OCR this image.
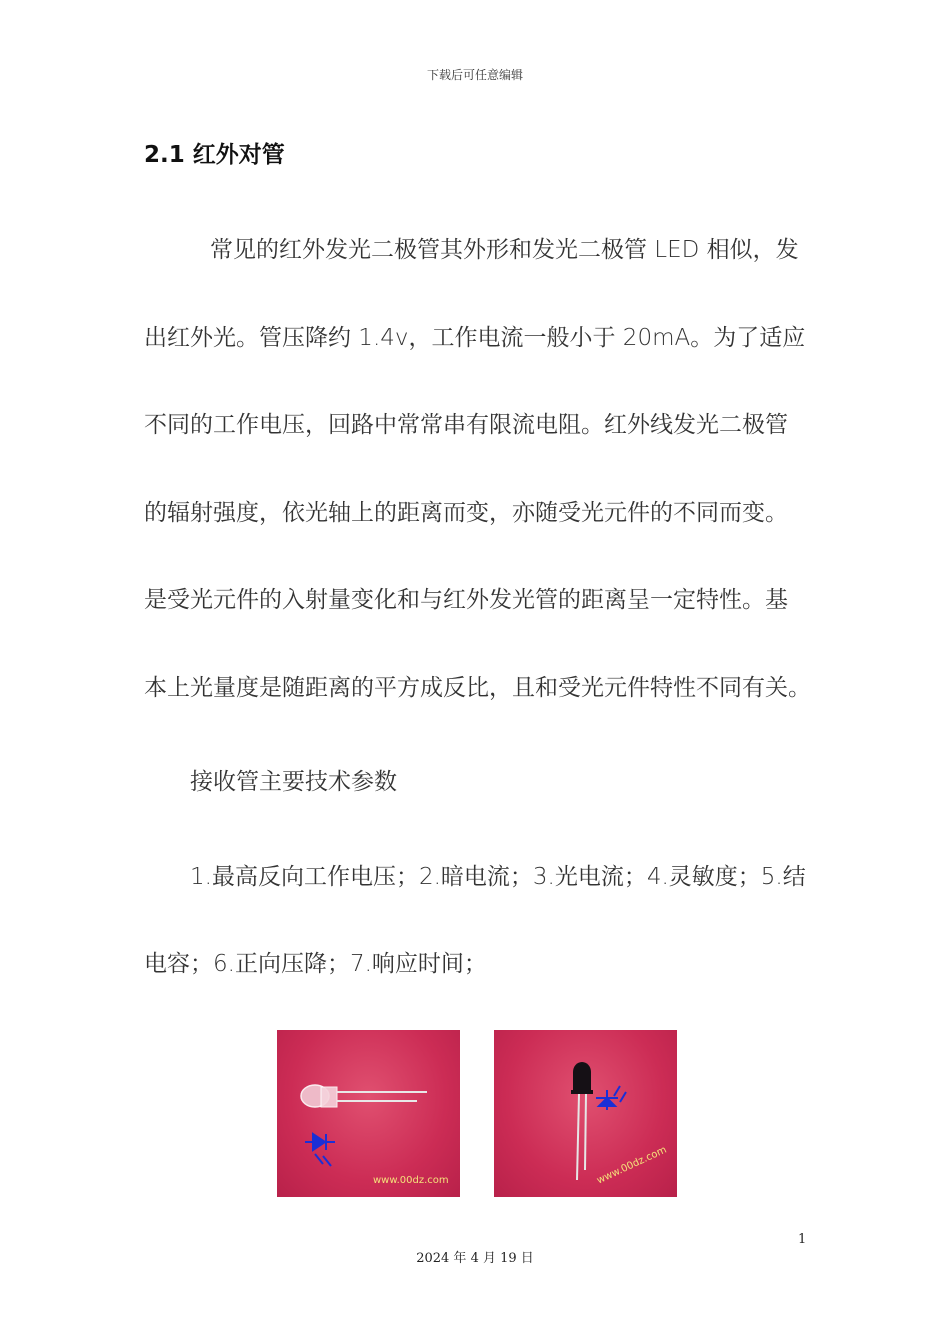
下载后可任意编辑
2.1 红外对管
常见的红外发光二极管其外形和发光二极管 LED 相似，发
出红外光。管压降约 1.4v，工作电流一般小于 20mA。为了适应
不同的工作电压，回路中常常串有限流电阻。红外线发光二极管
的辐射强度，依光轴上的距离而变，亦随受光元件的不同而变。
是受光元件的入射量变化和与红外发光管的距离呈一定特性。基
本上光量度是随距离的平方成反比，且和受光元件特性不同有关。
接收管主要技术参数
1.最高反向工作电压；2.暗电流；3.光电流；4.灵敏度；5.结
电容；6.正向压降；7.响应时间；
www.00dz.com	www.00dz.com
1
2024 年 4 月 19 日
